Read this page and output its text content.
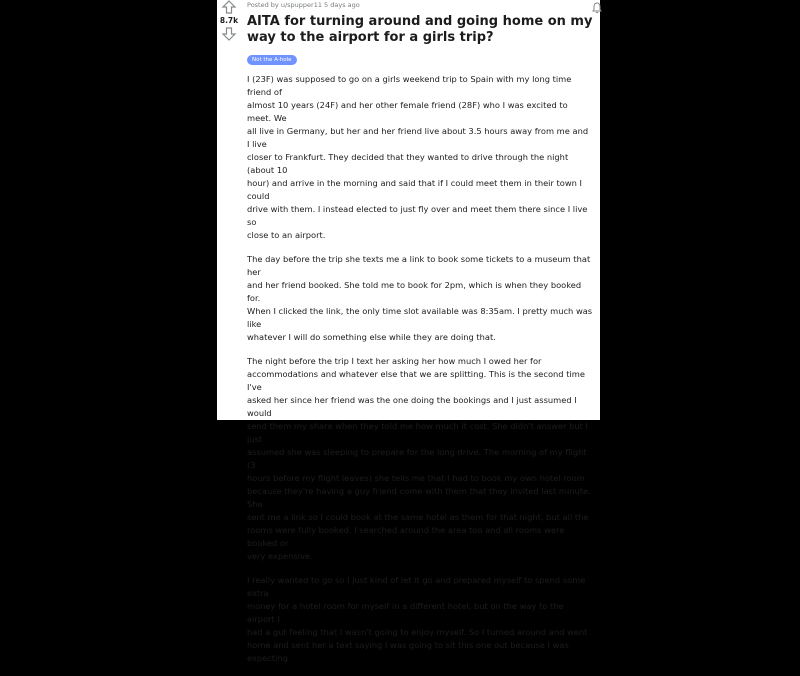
8.7k
Posted by u/spupper11 5 days ago
AITA for turning around and going home on my way to the airport for a girls trip?
Not the A-hole

I (23F) was supposed to go on a girls weekend trip to Spain with my long time friend of
almost 10 years (24F) and her other female friend (28F) who I was excited to meet. We
all live in Germany, but her and her friend live about 3.5 hours away from me and I live
closer to Frankfurt. They decided that they wanted to drive through the night (about 10
hour) and arrive in the morning and said that if I could meet them in their town I could
drive with them. I instead elected to just fly over and meet them there since I live so
close to an airport.

The day before the trip she texts me a link to book some tickets to a museum that her
and her friend booked. She told me to book for 2pm, which is when they booked for.
When I clicked the link, the only time slot available was 8:35am. I pretty much was like
whatever I will do something else while they are doing that.

The night before the trip I text her asking her how much I owed her for
accommodations and whatever else that we are splitting. This is the second time I've
asked her since her friend was the one doing the bookings and I just assumed I would
send them my share when they told me how much it cost. She didn't answer but I just
assumed she was sleeping to prepare for the long drive. The morning of my flight (3
hours before my flight leaves) she tells me that I had to book my own hotel room
because they're having a guy friend come with them that they invited last minute. She
sent me a link so I could book at the same hotel as them for that night, but all the
rooms were fully booked. I searched around the area too and all rooms were booked or
very expensive.

I really wanted to go so I just kind of let it go and prepared myself to spend some extra
money for a hotel room for myself in a different hotel, but on the way to the airport I
had a gut feeling that I wasn't going to enjoy myself. So I turned around and went
home and sent her a text saying I was going to sit this one out because I was expecting
